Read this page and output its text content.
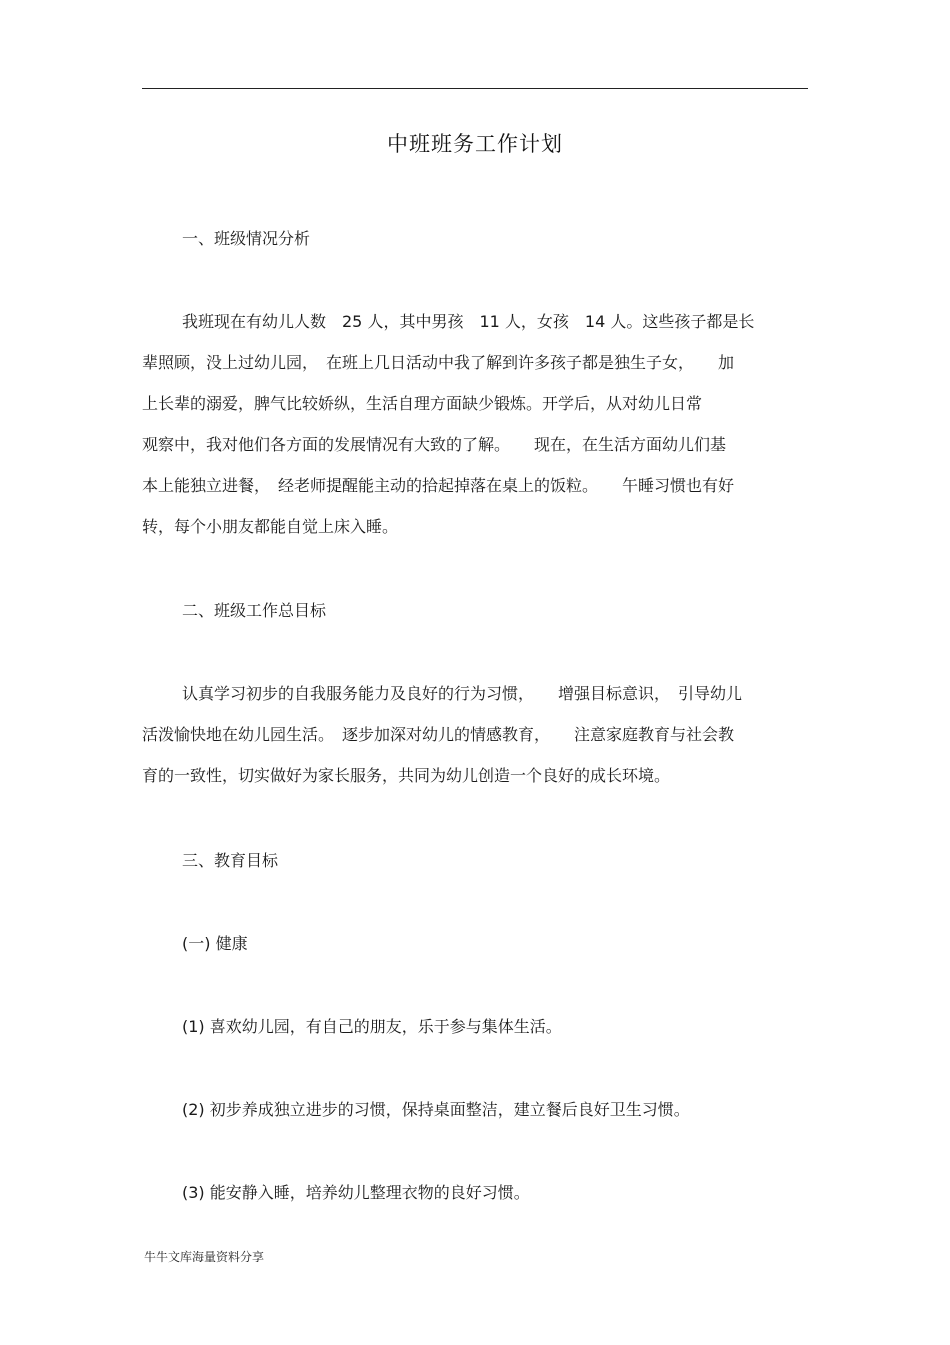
中班班务工作计划
一、班级情况分析
我班现在有幼儿人数　25 人，其中男孩　11 人，女孩　14 人。这些孩子都是长
辈照顾，没上过幼儿园，　在班上几日活动中我了解到许多孩子都是独生子女，　　加
上长辈的溺爱，脾气比较娇纵，生活自理方面缺少锻炼。开学后，从对幼儿日常
观察中，我对他们各方面的发展情况有大致的了解。　　现在，在生活方面幼儿们基
本上能独立进餐，　经老师提醒能主动的拾起掉落在桌上的饭粒。　　午睡习惯也有好
转，每个小朋友都能自觉上床入睡。
二、班级工作总目标
认真学习初步的自我服务能力及良好的行为习惯，　　增强目标意识，　引导幼儿
活泼愉快地在幼儿园生活。　逐步加深对幼儿的情感教育，　　注意家庭教育与社会教
育的一致性，切实做好为家长服务，共同为幼儿创造一个良好的成长环境。
三、教育目标
(一) 健康
(1) 喜欢幼儿园，有自己的朋友，乐于参与集体生活。
(2) 初步养成独立进步的习惯，保持桌面整洁，建立餐后良好卫生习惯。
(3) 能安静入睡，培养幼儿整理衣物的良好习惯。
牛牛文库海量资料分享
